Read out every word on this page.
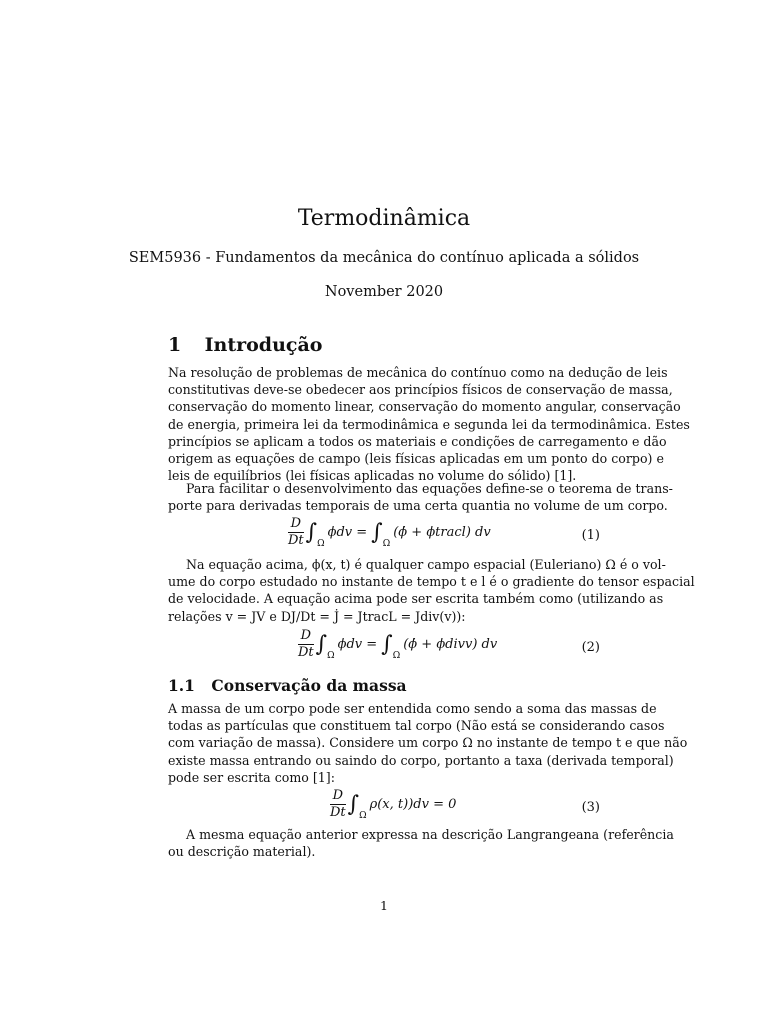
Termodinâmica
SEM5936 - Fundamentos da mecânica do contínuo aplicada a sólidos
November 2020
1 Introdução
Na resolução de problemas de mecânica do contínuo como na dedução de leis
constitutivas deve-se obedecer aos princípios físicos de conservação de massa,
conservação do momento linear, conservação do momento angular, conservação
de energia, primeira lei da termodinâmica e segunda lei da termodinâmica. Estes
princípios se aplicam a todos os materiais e condições de carregamento e dão
origem as equações de campo (leis físicas aplicadas em um ponto do corpo) e
leis de equilíbrios (lei físicas aplicadas no volume do sólido) [1].
Para facilitar o desenvolvimento das equações define-se o teorema de trans-
porte para derivadas temporais de uma certa quantia no volume de um corpo.
$\frac{D}{Dt} \int_\Omega\phi dv$ = $\int_\Omega(\phi̇$ + ϕtracl) dv	(1)
Na equação acima, ϕ(x, t) é qualquer campo espacial (Euleriano) Ω é o vol-
ume do corpo estudado no instante de tempo t e l é o gradiente do tensor espacial
de velocidade. A equação acima pode ser escrita também como (utilizando as
relações v = JV e DJ/Dt = J̇ = JtracL = Jdiv(v)):
$\frac{D}{Dt} \int_\Omega\phi dv$ = $\int_\Omega(\phi̇$ + ϕdivv) dv	(2)
1.1 Conservação da massa
A massa de um corpo pode ser entendida como sendo a soma das massas de
todas as partículas que constituem tal corpo (Não está se considerando casos
com variação de massa). Considere um corpo Ω no instante de tempo t e que não
existe massa entrando ou saindo do corpo, portanto a taxa (derivada temporal)
pode ser escrita como [1]:
$\frac{D}{Dt} \int_\Omega\rho(x$, t))dv = 0	(3)
A mesma equação anterior expressa na descrição Langrangeana (referência
ou descrição material).
1
